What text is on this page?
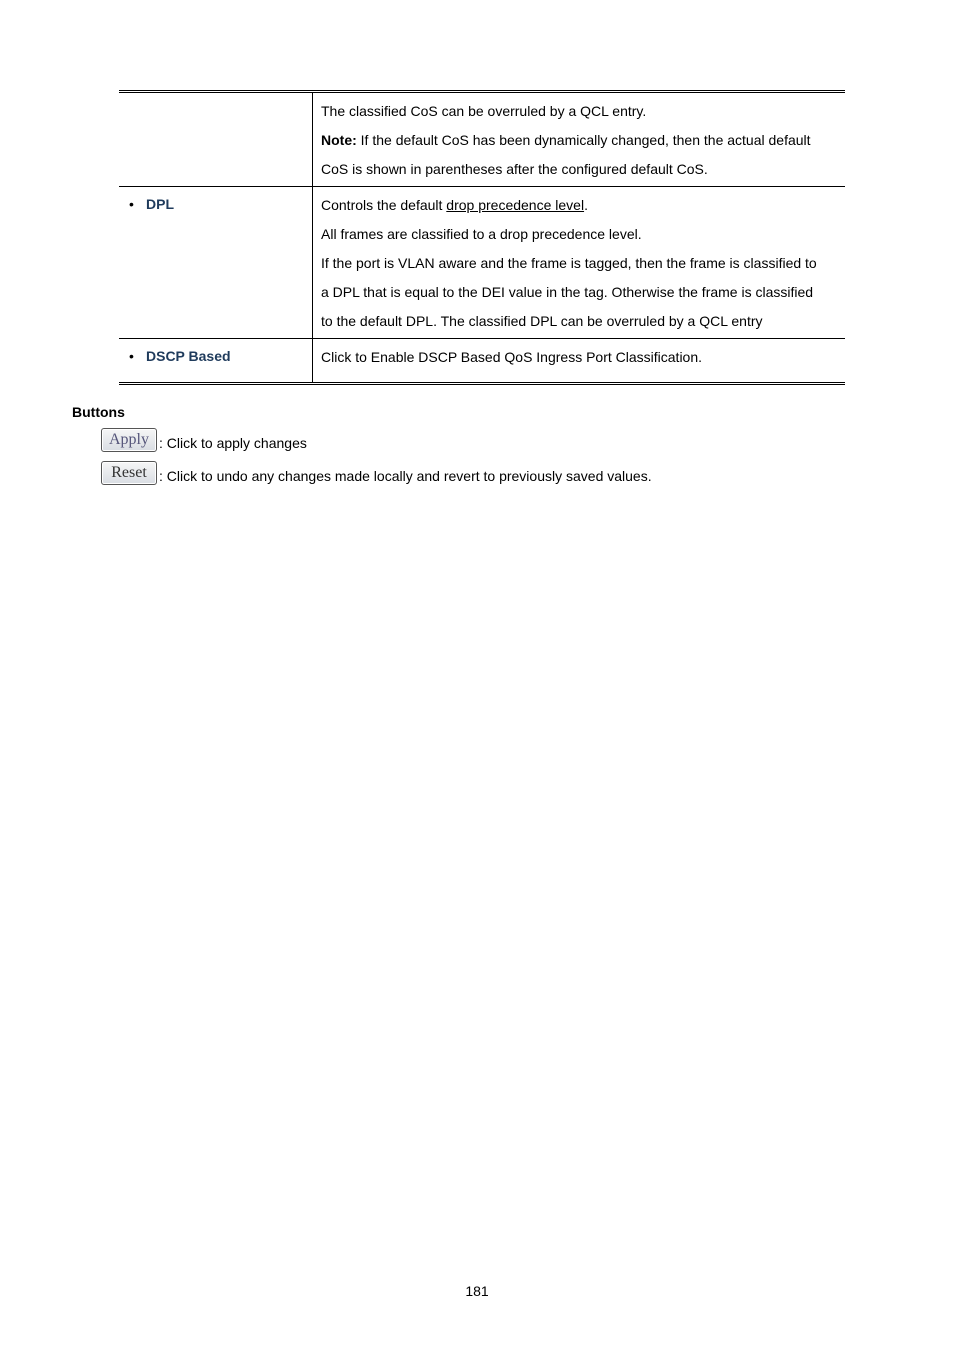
	The classified CoS can be overruled by a QCL entry.

Note: If the default CoS has been dynamically changed, then the actual default

CoS is shown in parentheses after the configured default CoS.

• DPL	Controls the default drop precedence level.

All frames are classified to a drop precedence level.

If the port is VLAN aware and the frame is tagged, then the frame is classified to

a DPL that is equal to the DEI value in the tag. Otherwise the frame is classified

to the default DPL. The classified DPL can be overruled by a QCL entry

• DSCP Based	Click to Enable DSCP Based QoS Ingress Port Classification.

Buttons
Apply : Click to apply changes
Reset : Click to undo any changes made locally and revert to previously saved values.
181
